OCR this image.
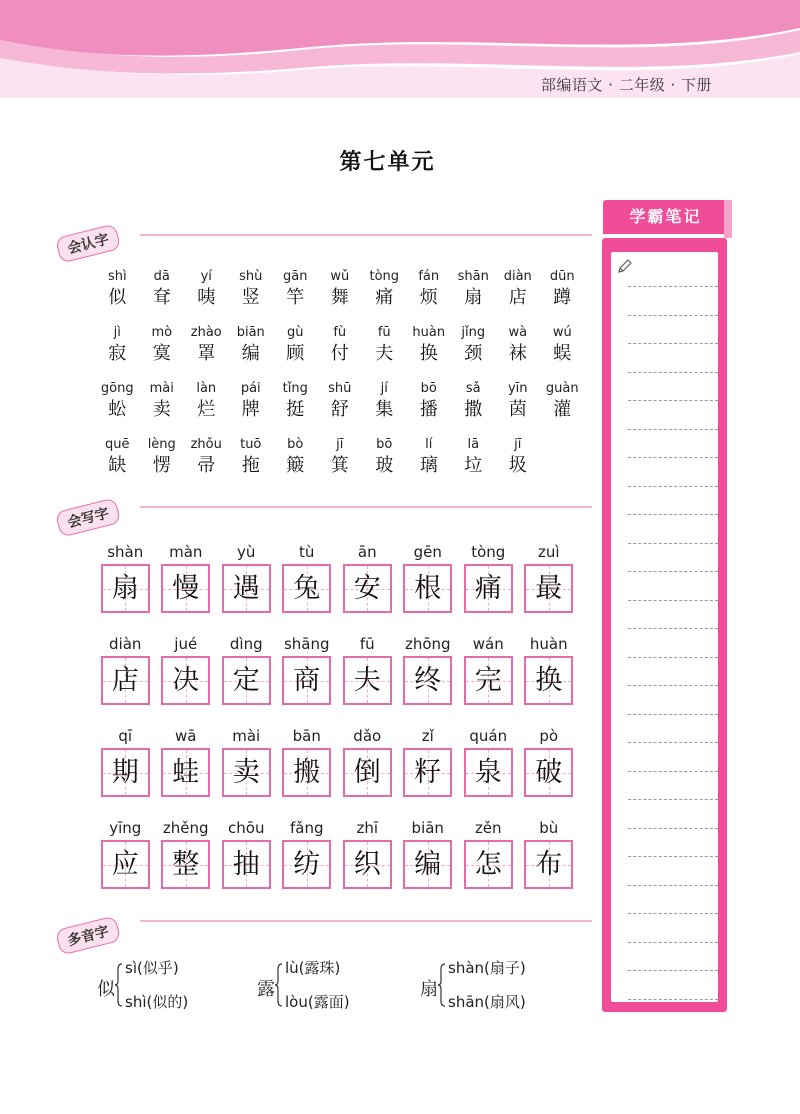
部编语文 · 二年级 · 下册
第七单元
会认字
shì
似
dā
耷
yí
咦
shù
竖
gān
竿
wǔ
舞
tòng
痛
fán
烦
shān
扇
diàn
店
dūn
蹲
jì
寂
mò
寞
zhào
罩
biān
编
gù
顾
fù
付
fū
夫
huàn
换
jǐng
颈
wà
袜
wú
蜈
gōng
蚣
mài
卖
làn
烂
pái
牌
tǐng
挺
shū
舒
jí
集
bō
播
sǎ
撒
yīn
茵
guàn
灌
quē
缺
lèng
愣
zhǒu
帚
tuō
拖
bò
簸
jī
箕
bō
玻
lí
璃
lā
垃
jī
圾
会写字
shàn
扇
màn
慢
yù
遇
tù
兔
ān
安
gēn
根
tòng
痛
zuì
最
diàn
店
jué
决
dìng
定
shāng
商
fū
夫
zhōng
终
wán
完
huàn
换
qī
期
wā
蛙
mài
卖
bān
搬
dǎo
倒
zǐ
籽
quán
泉
pò
破
yīng
应
zhěng
整
chōu
抽
fǎng
纺
zhī
织
biān
编
zěn
怎
bù
布
多音字
似
sì(似乎)
shì(似的)
露
lù(露珠)
lòu(露面)
扇
shàn(扇子)
shān(扇风)
学霸笔记
